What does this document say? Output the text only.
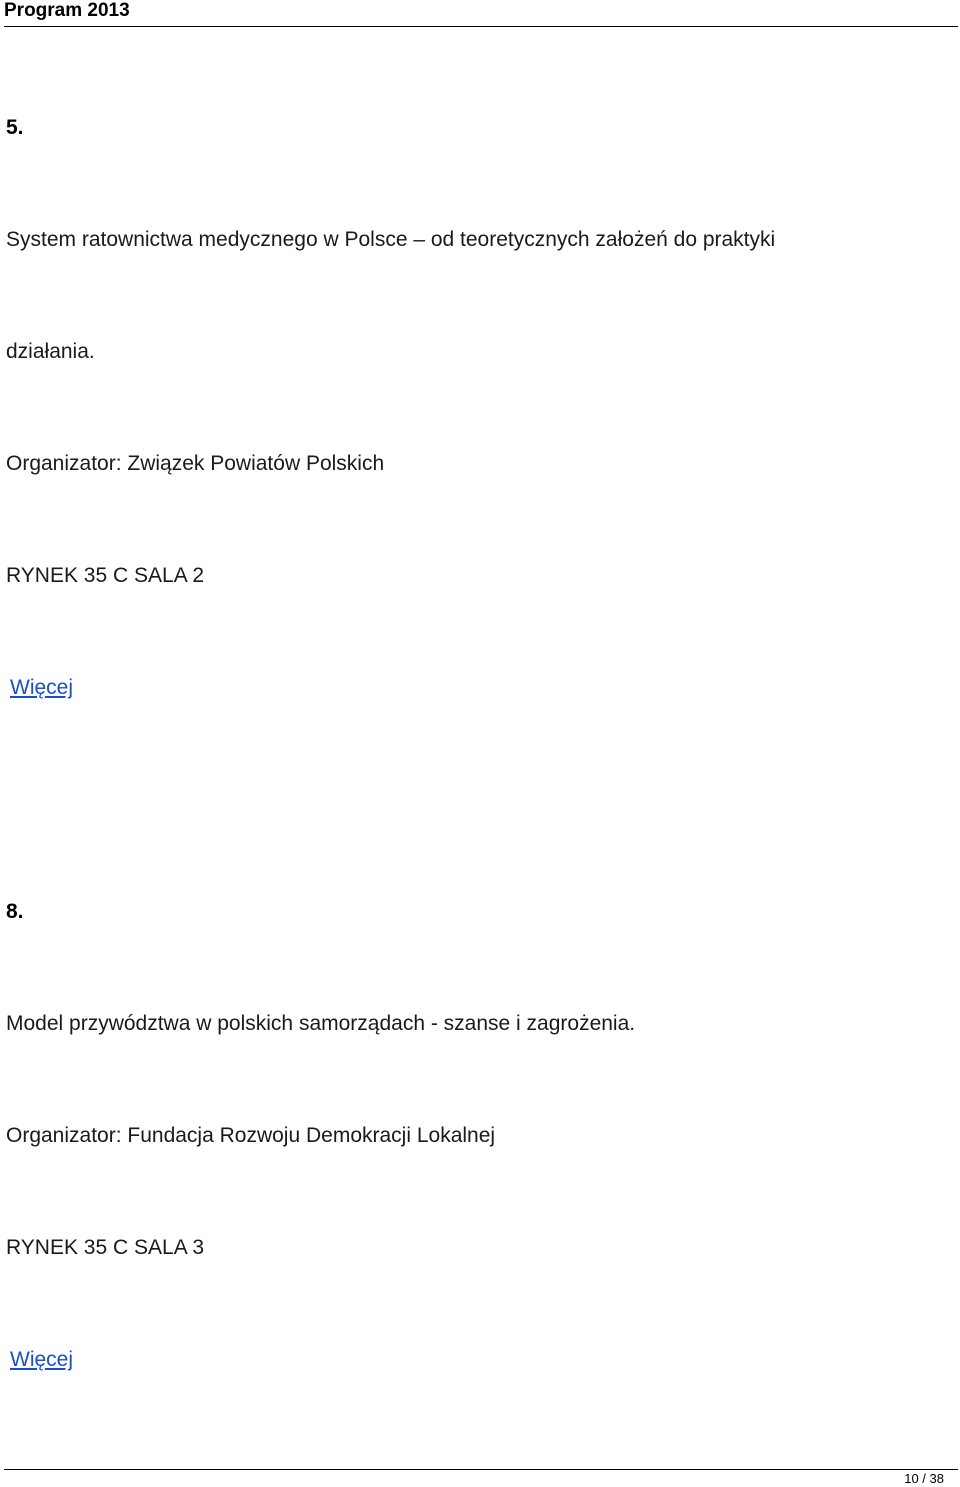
Program 2013
5.
System ratownictwa medycznego w Polsce – od teoretycznych założeń do praktyki
działania.
Organizator: Związek Powiatów Polskich
RYNEK 35 C SALA 2
Więcej
8.
Model przywództwa w polskich samorządach - szanse i zagrożenia.
Organizator: Fundacja Rozwoju Demokracji Lokalnej
RYNEK 35 C SALA 3
Więcej
10 / 38
